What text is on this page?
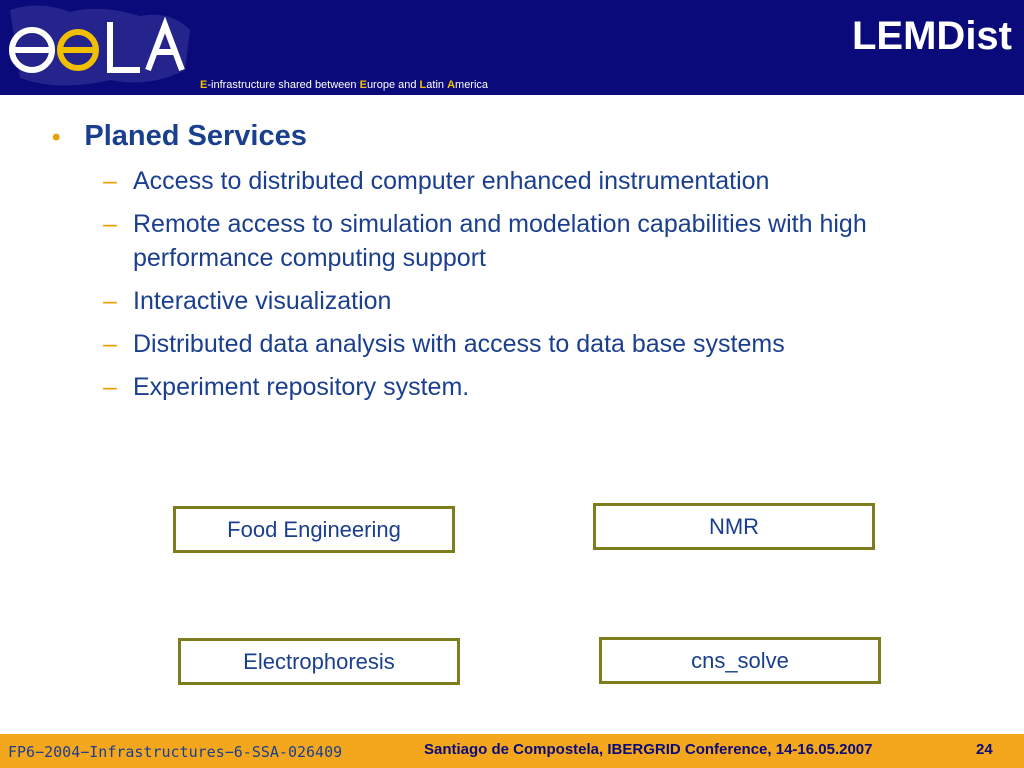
LEMDist
E-infrastructure shared between Europe and Latin America
• Planed Services
– Access to distributed computer enhanced instrumentation
– Remote access to simulation and modelation capabilities with high performance computing support
– Interactive visualization
– Distributed data analysis with access to data base systems
– Experiment repository system.
Food Engineering	NMR
Electrophoresis	cns_solve
FP6−2004−Infrastructures−6-SSA-026409	Santiago de Compostela, IBERGRID Conference, 14-16.05.2007	24
